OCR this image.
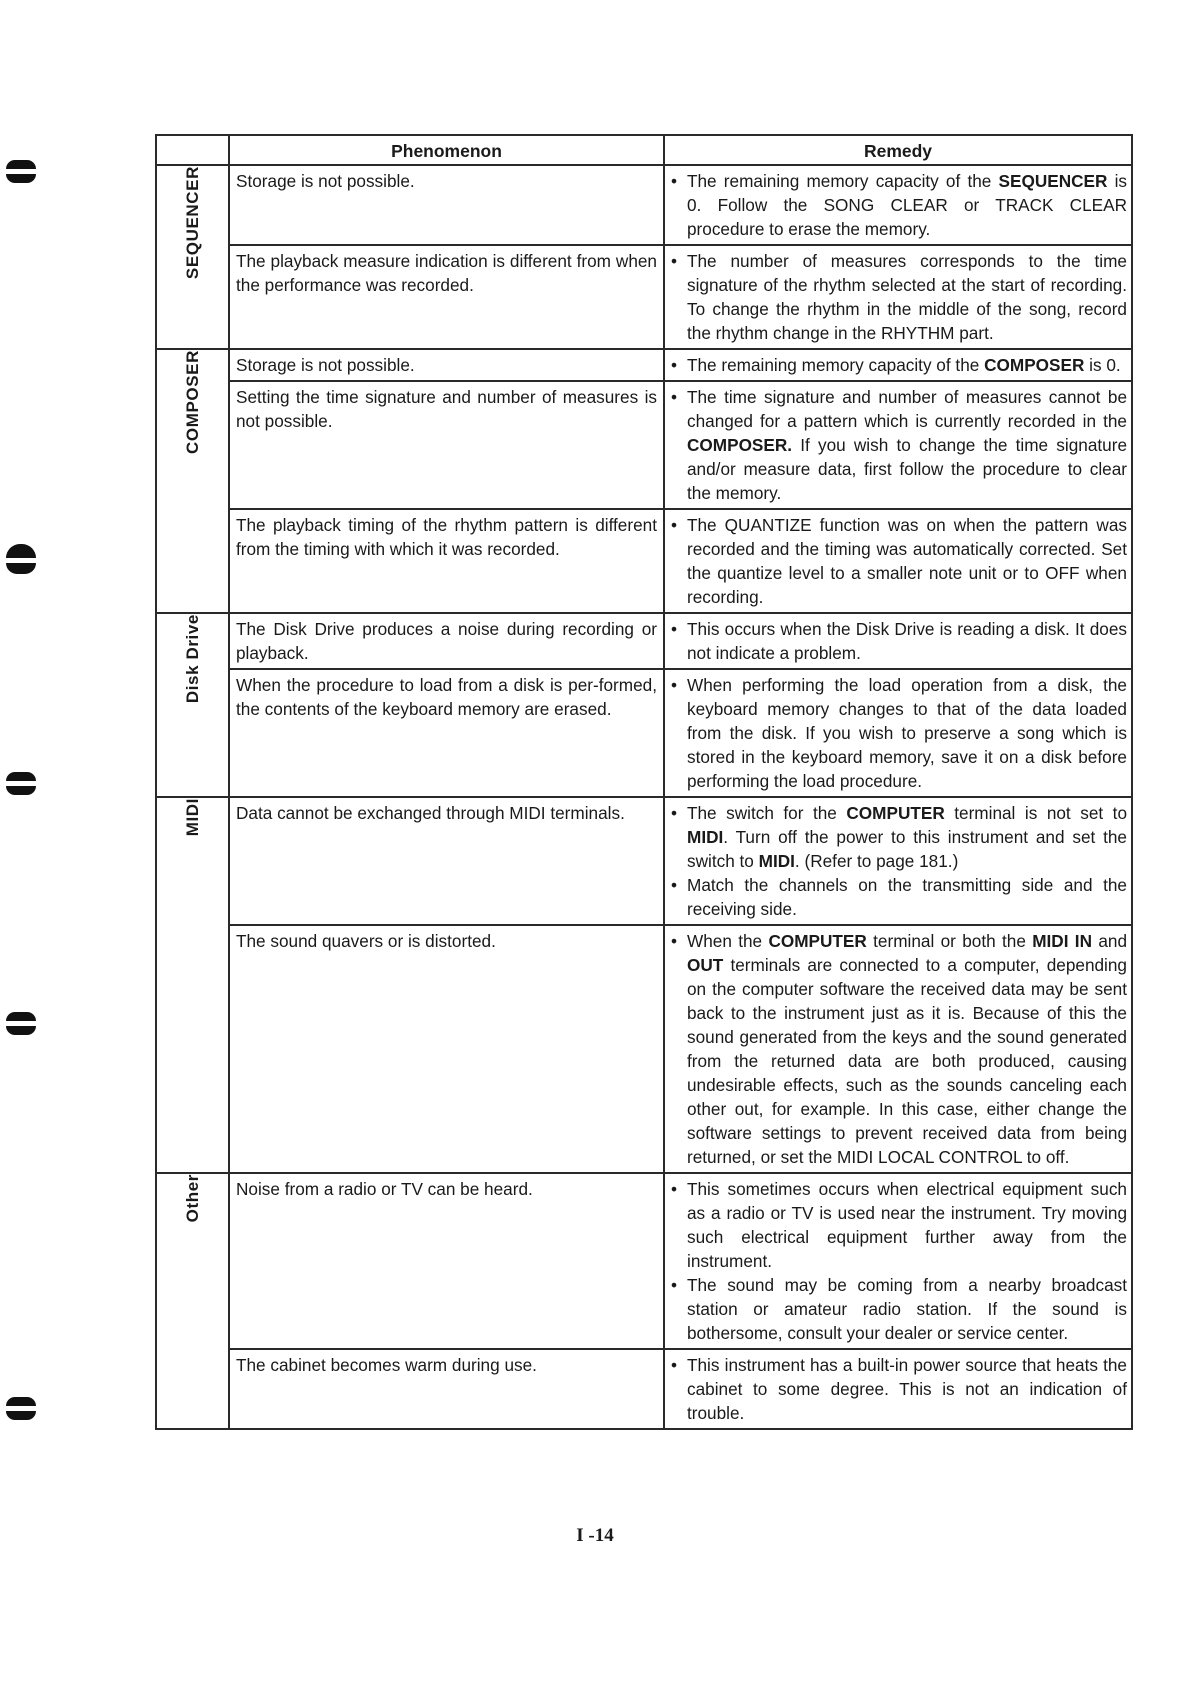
	Phenomenon	Remedy
SEQUENCER	Storage is not possible.	• The remaining memory capacity of the SEQUENCER is 0. Follow the SONG CLEAR or TRACK CLEAR procedure to erase the memory.

	The playback measure indication is different from when the performance was recorded.	• The number of measures corresponds to the time signature of the rhythm selected at the start of recording. To change the rhythm in the middle of the song, record the rhythm change in the RHYTHM part.

COMPOSER	Storage is not possible.	• The remaining memory capacity of the COMPOSER is 0.

	Setting the time signature and number of measures is not possible.	• The time signature and number of measures cannot be changed for a pattern which is currently recorded in the COMPOSER. If you wish to change the time signature and/or measure data, first follow the procedure to clear the memory.

	The playback timing of the rhythm pattern is different from the timing with which it was recorded.	• The QUANTIZE function was on when the pattern was recorded and the timing was automatically corrected. Set the quantize level to a smaller note unit or to OFF when recording.

Disk Drive	The Disk Drive produces a noise during recording or playback.	• This occurs when the Disk Drive is reading a disk. It does not indicate a problem.

	When the procedure to load from a disk is per-formed, the contents of the keyboard memory are erased.	• When performing the load operation from a disk, the keyboard memory changes to that of the data loaded from the disk. If you wish to preserve a song which is stored in the keyboard memory, save it on a disk before performing the load procedure.

MIDI	Data cannot be exchanged through MIDI terminals.	• The switch for the COMPUTER terminal is not set to MIDI. Turn off the power to this instrument and set the switch to MIDI. (Refer to page 181.)
• Match the channels on the transmitting side and the receiving side.

	The sound quavers or is distorted.	• When the COMPUTER terminal or both the MIDI IN and OUT terminals are connected to a computer, depending on the computer software the received data may be sent back to the instrument just as it is. Because of this the sound generated from the keys and the sound generated from the returned data are both produced, causing undesirable effects, such as the sounds canceling each other out, for example. In this case, either change the software settings to prevent received data from being returned, or set the MIDI LOCAL CONTROL to off.

Other	Noise from a radio or TV can be heard.	• This sometimes occurs when electrical equipment such as a radio or TV is used near the instrument. Try moving such electrical equipment further away from the instrument.
• The sound may be coming from a nearby broadcast station or amateur radio station. If the sound is bothersome, consult your dealer or service center.

	The cabinet becomes warm during use.	• This instrument has a built-in power source that heats the cabinet to some degree. This is not an indication of trouble.
I -14
